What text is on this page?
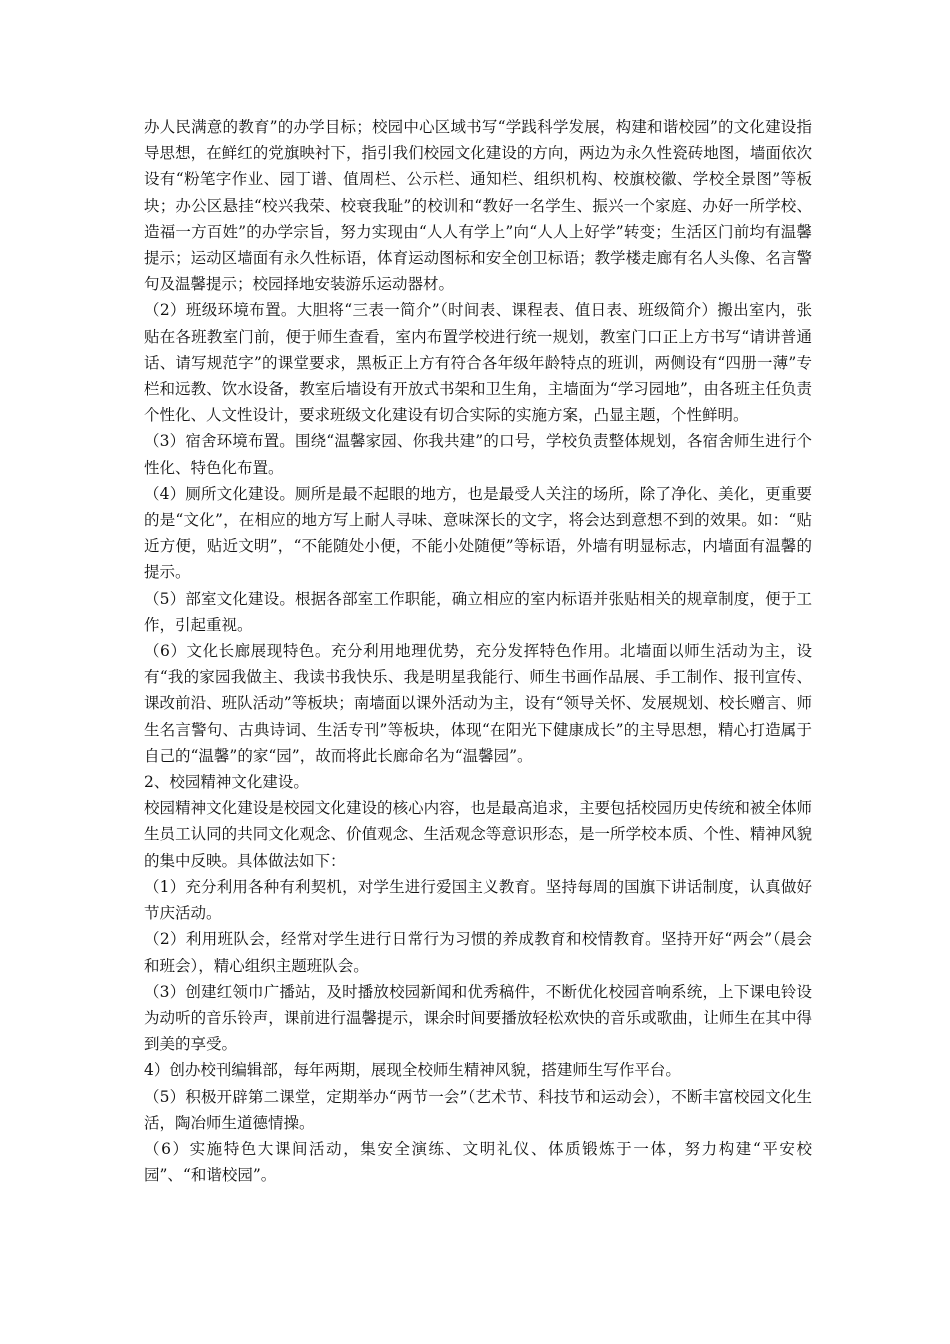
办人民满意的教育”的办学目标；校园中心区域书写“学践科学发展，构建和谐校园”的文化建设指导思想，在鲜红的党旗映衬下，指引我们校园文化建设的方向，两边为永久性瓷砖地图，墙面依次设有“粉笔字作业、园丁谱、值周栏、公示栏、通知栏、组织机构、校旗校徽、学校全景图”等板块；办公区悬挂“校兴我荣、校衰我耻”的校训和“教好一名学生、振兴一个家庭、办好一所学校、造福一方百姓”的办学宗旨，努力实现由“人人有学上”向“人人上好学”转变；生活区门前均有温馨提示；运动区墙面有永久性标语，体育运动图标和安全创卫标语；教学楼走廊有名人头像、名言警句及温馨提示；校园择地安装游乐运动器材。

（2）班级环境布置。大胆将“三表一简介”（时间表、课程表、值日表、班级简介）搬出室内，张贴在各班教室门前，便于师生查看，室内布置学校进行统一规划，教室门口正上方书写“请讲普通话、请写规范字”的课堂要求，黑板正上方有符合各年级年龄特点的班训，两侧设有“四册一薄”专栏和远教、饮水设备，教室后墙设有开放式书架和卫生角，主墙面为“学习园地”，由各班主任负责个性化、人文性设计，要求班级文化建设有切合实际的实施方案，凸显主题，个性鲜明。

（3）宿舍环境布置。围绕“温馨家园、你我共建”的口号，学校负责整体规划，各宿舍师生进行个性化、特色化布置。

（4）厕所文化建设。厕所是最不起眼的地方，也是最受人关注的场所，除了净化、美化，更重要的是“文化”，在相应的地方写上耐人寻味、意味深长的文字，将会达到意想不到的效果。如：“贴近方便，贴近文明”，“不能随处小便，不能小处随便”等标语，外墙有明显标志，内墙面有温馨的提示。

（5）部室文化建设。根据各部室工作职能，确立相应的室内标语并张贴相关的规章制度，便于工作，引起重视。

（6）文化长廊展现特色。充分利用地理优势，充分发挥特色作用。北墙面以师生活动为主，设有“我的家园我做主、我读书我快乐、我是明星我能行、师生书画作品展、手工制作、报刊宣传、课改前沿、班队活动”等板块；南墙面以课外活动为主，设有“领导关怀、发展规划、校长赠言、师生名言警句、古典诗词、生活专刊”等板块，体现“在阳光下健康成长”的主导思想，精心打造属于自己的“温馨”的家“园”，故而将此长廊命名为“温馨园”。

2、校园精神文化建设。

校园精神文化建设是校园文化建设的核心内容，也是最高追求，主要包括校园历史传统和被全体师生员工认同的共同文化观念、价值观念、生活观念等意识形态，是一所学校本质、个性、精神风貌的集中反映。具体做法如下：

（1）充分利用各种有利契机，对学生进行爱国主义教育。坚持每周的国旗下讲话制度，认真做好节庆活动。

（2）利用班队会，经常对学生进行日常行为习惯的养成教育和校情教育。坚持开好“两会”（晨会和班会），精心组织主题班队会。

（3）创建红领巾广播站，及时播放校园新闻和优秀稿件，不断优化校园音响系统，上下课电铃设为动听的音乐铃声，课前进行温馨提示，课余时间要播放轻松欢快的音乐或歌曲，让师生在其中得到美的享受。

4）创办校刊编辑部，每年两期，展现全校师生精神风貌，搭建师生写作平台。

（5）积极开辟第二课堂，定期举办“两节一会”（艺术节、科技节和运动会），不断丰富校园文化生活，陶冶师生道德情操。

（6）实施特色大课间活动，集安全演练、文明礼仪、体质锻炼于一体，努力构建“平安校园”、“和谐校园”。
